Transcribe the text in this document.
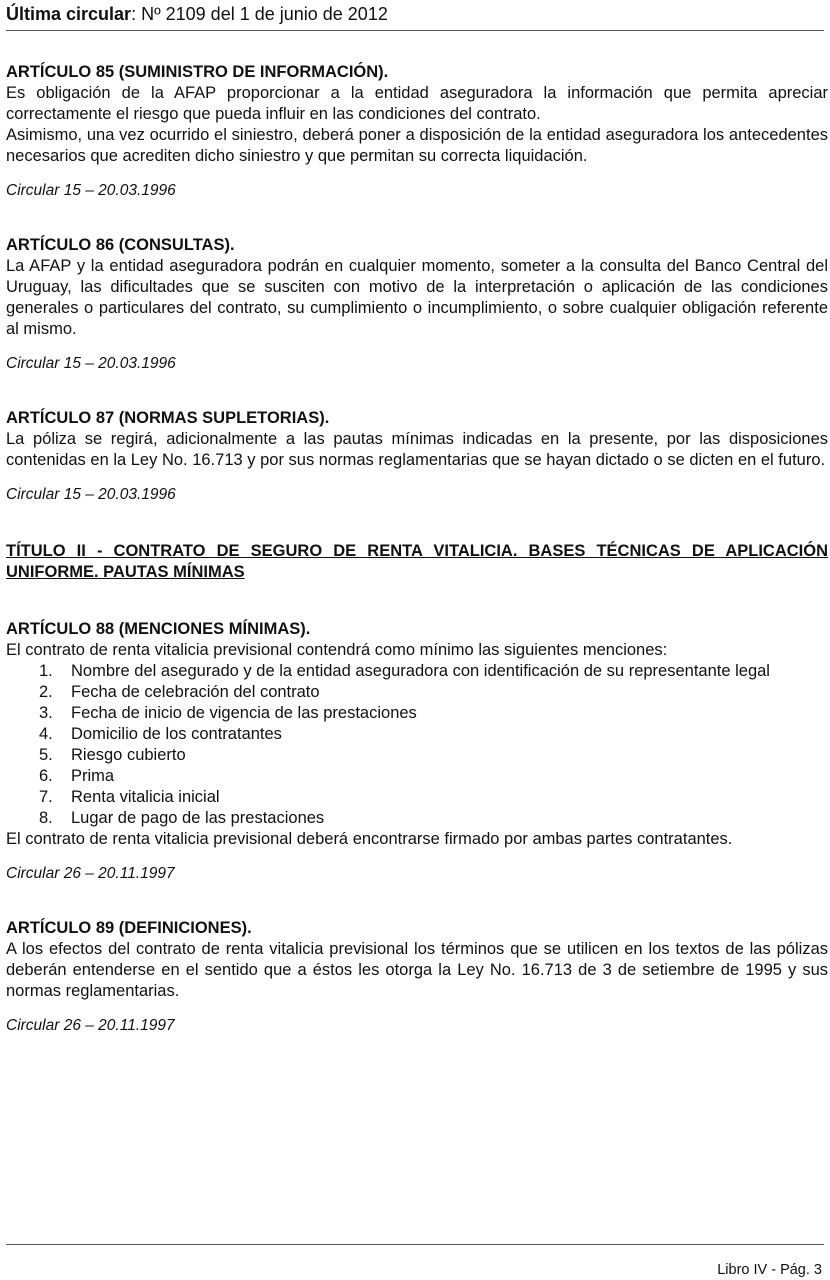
Última circular: Nº 2109 del 1 de junio de 2012

ARTÍCULO 85 (SUMINISTRO DE INFORMACIÓN).

Es obligación de la AFAP proporcionar a la entidad aseguradora la información que permita apreciar correctamente el riesgo que pueda influir en las condiciones del contrato.

Asimismo, una vez ocurrido el siniestro, deberá poner a disposición de la entidad aseguradora los antecedentes necesarios que acrediten dicho siniestro y que permitan su correcta liquidación.

Circular 15 – 20.03.1996

ARTÍCULO 86 (CONSULTAS).

La AFAP y la entidad aseguradora podrán en cualquier momento, someter a la consulta del Banco Central del Uruguay, las dificultades que se susciten con motivo de la interpretación o aplicación de las condiciones generales o particulares del contrato, su cumplimiento o incumplimiento, o sobre cualquier obligación referente al mismo.

Circular 15 – 20.03.1996

ARTÍCULO 87 (NORMAS SUPLETORIAS).

La póliza se regirá, adicionalmente a las pautas mínimas indicadas en la presente, por las disposiciones contenidas en la Ley No. 16.713 y por sus normas reglamentarias que se hayan dictado o se dicten en el futuro.

Circular 15 – 20.03.1996

TÍTULO II - CONTRATO DE SEGURO DE RENTA VITALICIA. BASES TÉCNICAS DE APLICACIÓN UNIFORME. PAUTAS MÍNIMAS

ARTÍCULO 88 (MENCIONES MÍNIMAS).

El contrato de renta vitalicia previsional contendrá como mínimo las siguientes menciones:

1. Nombre del asegurado y de la entidad aseguradora con identificación de su representante legal
2. Fecha de celebración del contrato
3. Fecha de inicio de vigencia de las prestaciones
4. Domicilio de los contratantes
5. Riesgo cubierto
6. Prima
7. Renta vitalicia inicial
8. Lugar de pago de las prestaciones

El contrato de renta vitalicia previsional deberá encontrarse firmado por ambas partes contratantes.

Circular 26 – 20.11.1997

ARTÍCULO 89 (DEFINICIONES).

A los efectos del contrato de renta vitalicia previsional los términos que se utilicen en los textos de las pólizas deberán entenderse en el sentido que a éstos les otorga la Ley No. 16.713 de 3 de setiembre de 1995 y sus normas reglamentarias.

Circular 26 – 20.11.1997

Libro IV - Pág. 3
